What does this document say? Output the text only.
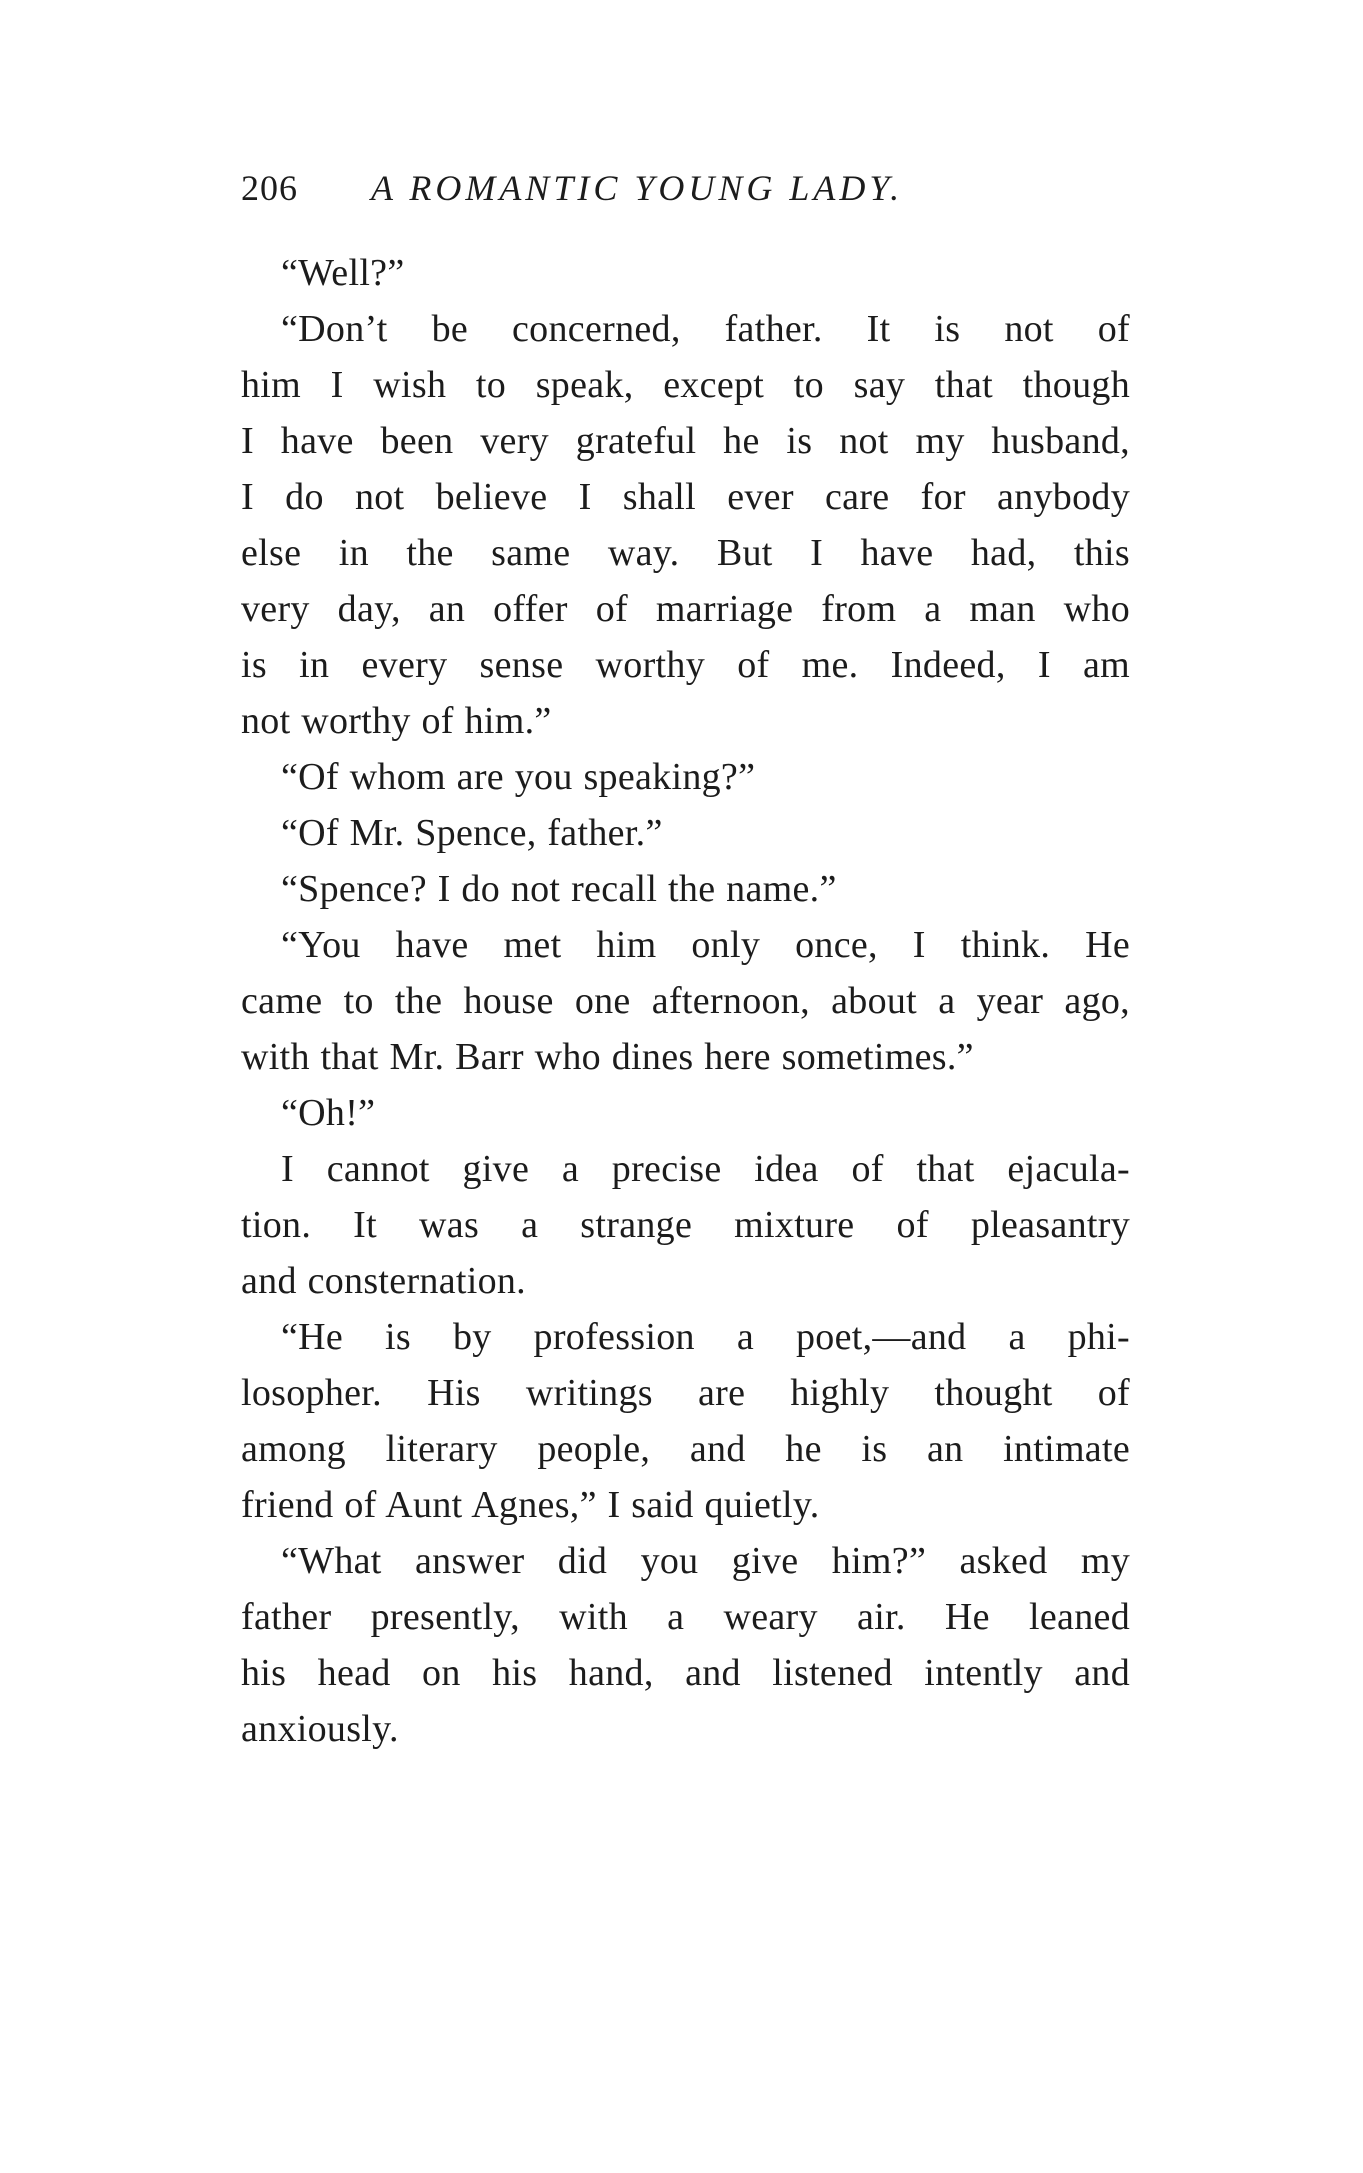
206 A ROMANTIC YOUNG LADY.
“Well?”
“Don’t be concerned, father. It is not of
him I wish to speak, except to say that though
I have been very grateful he is not my husband,
I do not believe I shall ever care for anybody
else in the same way. But I have had, this
very day, an offer of marriage from a man who
is in every sense worthy of me. Indeed, I am
not worthy of him.”
“Of whom are you speaking?”
“Of Mr. Spence, father.”
“Spence? I do not recall the name.”
“You have met him only once, I think. He
came to the house one afternoon, about a year ago,
with that Mr. Barr who dines here sometimes.”
“Oh!”
I cannot give a precise idea of that ejacula-
tion. It was a strange mixture of pleasantry
and consternation.
“He is by profession a poet,—and a phi-
losopher. His writings are highly thought of
among literary people, and he is an intimate
friend of Aunt Agnes,” I said quietly.
“What answer did you give him?” asked my
father presently, with a weary air. He leaned
his head on his hand, and listened intently and
anxiously.
